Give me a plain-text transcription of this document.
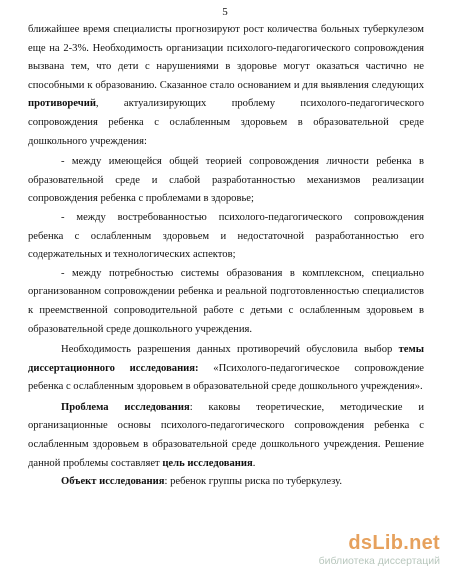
5

ближайшее время специалисты прогнозируют рост количества больных туберкулезом еще на 2-3%. Необходимость организации психолого-педагогического сопровождения вызвана тем, что дети с нарушениями в здоровье могут оказаться частично не способными к образованию. Сказанное стало основанием и для выявления следующих противоречий, актуализирующих проблему психолого-педагогического сопровождения ребенка с ослабленным здоровьем в образовательной среде дошкольного учреждения:

- между имеющейся общей теорией сопровождения личности ребенка в образовательной среде и слабой разработанностью механизмов реализации сопровождения ребенка с проблемами в здоровье;

- между востребованностью психолого-педагогического сопровождения ребенка с ослабленным здоровьем и недостаточной разработанностью его содержательных и технологических аспектов;

- между потребностью системы образования в комплексном, специально организованном сопровождении ребенка и реальной подготовленностью специалистов к преемственной сопроводительной работе с детьми с ослабленным здоровьем в образовательной среде дошкольного учреждения.

Необходимость разрешения данных противоречий обусловила выбор темы диссертационного исследования: «Психолого-педагогическое сопровождение ребенка с ослабленным здоровьем в образовательной среде дошкольного учреждения».

Проблема исследования: каковы теоретические, методические и организационные основы психолого-педагогического сопровождения ребенка с ослабленным здоровьем в образовательной среде дошкольного учреждения. Решение данной проблемы составляет цель исследования.

Объект исследования: ребенок группы риска по туберкулезу.

dsLib.net
библиотека диссертаций
